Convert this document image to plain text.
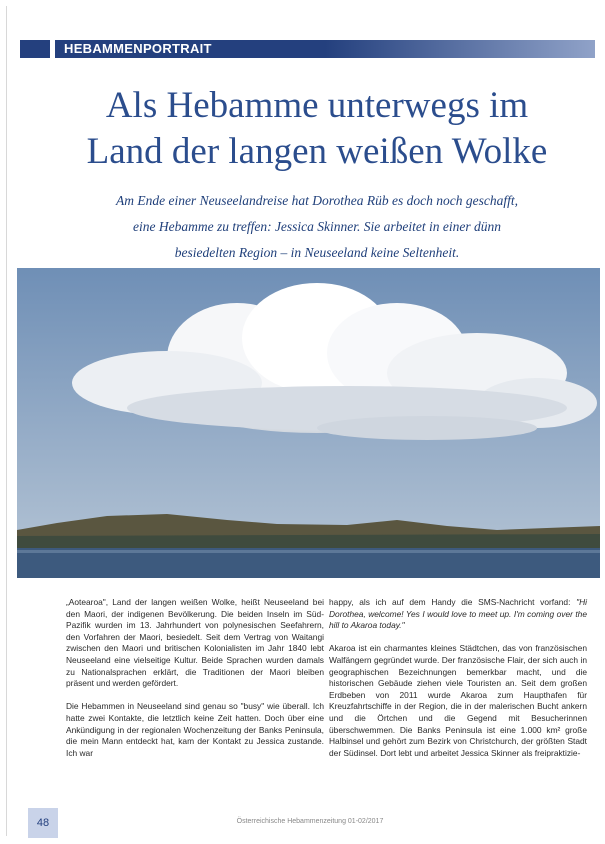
HEBAMMENPORTRAIT
Als Hebamme unterwegs im
Land der langen weißen Wolke

Am Ende einer Neuseelandreise hat Dorothea Rüb es doch noch geschafft,
eine Hebamme zu treffen: Jessica Skinner. Sie arbeitet in einer dünn
besiedelten Region – in Neuseeland keine Seltenheit.

„Aotearoa", Land der langen weißen Wolke, heißt Neuseeland bei den Maori, der indigenen Bevölkerung. Die beiden Inseln im Süd-Pazifik wurden im 13. Jahrhundert von polynesischen Seefahrern, den Vorfahren der Maori, besiedelt. Seit dem Vertrag von Waitangi zwischen den Maori und britischen Kolonialisten im Jahr 1840 lebt Neuseeland eine vielseitige Kultur. Beide Sprachen wurden damals zu Nationalsprachen erklärt, die Traditionen der Maori bleiben präsent und werden gefördert.

Die Hebammen in Neuseeland sind genau so "busy" wie überall. Ich hatte zwei Kontakte, die letztlich keine Zeit hatten. Doch über eine Ankündigung in der regionalen Wochenzeitung der Banks Peninsula, die mein Mann entdeckt hat, kam der Kontakt zu Jessica zustande. Ich war

happy, als ich auf dem Handy die SMS-Nachricht vorfand: "Hi Dorothea, welcome! Yes I would love to meet up. I'm coming over the hill to Akaroa today."

Akaroa ist ein charmantes kleines Städtchen, das von französischen Walfängern gegründet wurde. Der französische Flair, der sich auch in geographischen Bezeichnungen bemerkbar macht, und die historischen Gebäude ziehen viele Touristen an. Seit dem großen Erdbeben von 2011 wurde Akaroa zum Haupthafen für Kreuzfahrtschiffe in der Region, die in der malerischen Bucht ankern und die Örtchen und die Gegend mit Besucherinnen überschwemmen. Die Banks Peninsula ist eine 1.000 km² große Halbinsel und gehört zum Bezirk von Christchurch, der größten Stadt der Südinsel. Dort lebt und arbeitet Jessica Skinner als freipraktizie-

48	Österreichische Hebammenzeitung 01-02/2017
